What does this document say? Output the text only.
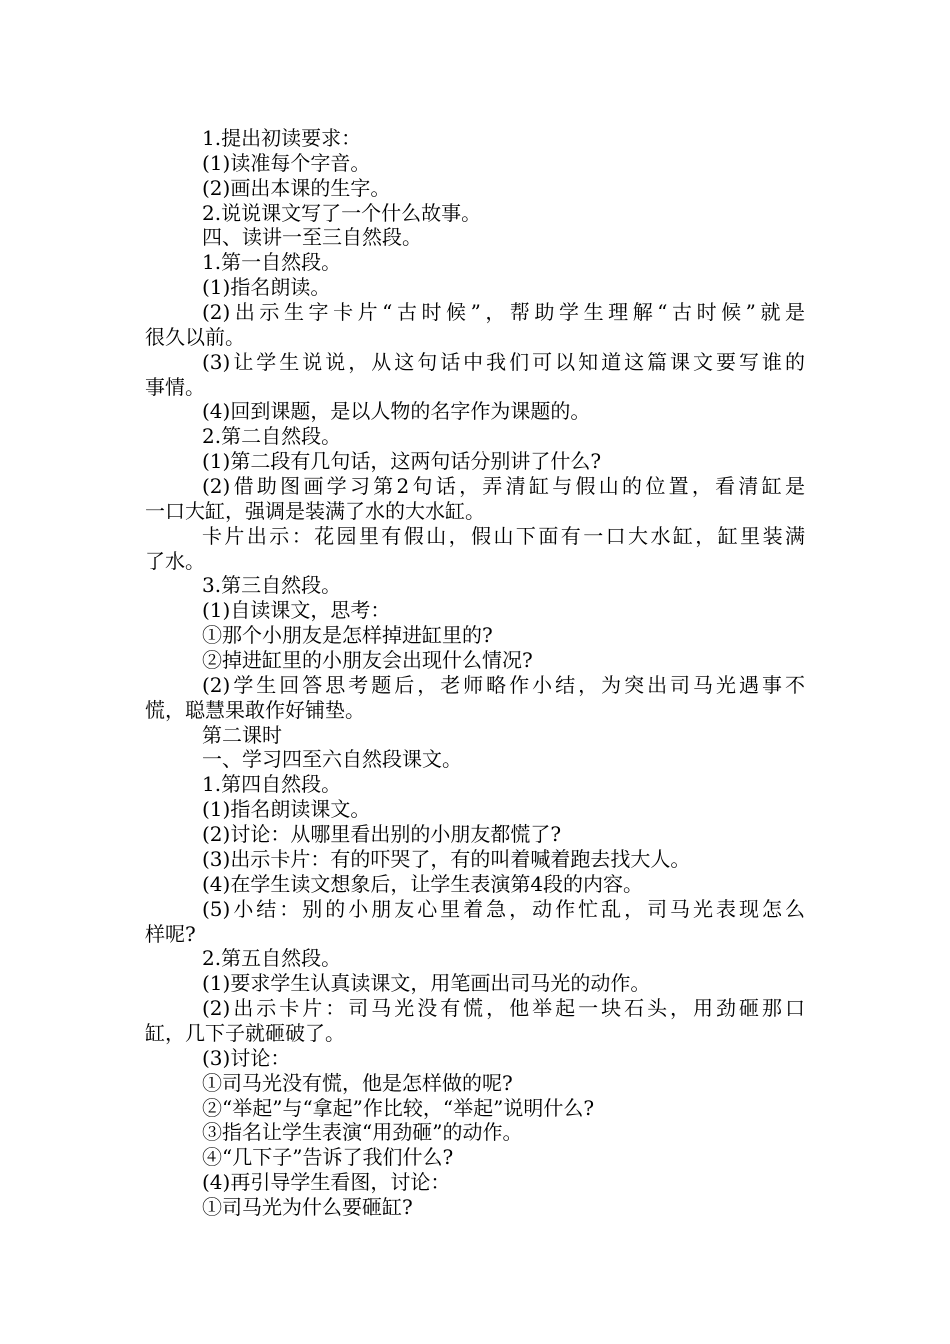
1.提出初读要求：
(1)读准每个字音。
(2)画出本课的生字。
2.说说课文写了一个什么故事。
四、读讲一至三自然段。
1.第一自然段。
(1)指名朗读。
(2)出示生字卡片“古时候”，帮助学生理解“古时候”就是
很久以前。
(3)让学生说说，从这句话中我们可以知道这篇课文要写谁的
事情。
(4)回到课题，是以人物的名字作为课题的。
2.第二自然段。
(1)第二段有几句话，这两句话分别讲了什么?
(2)借助图画学习第2句话，弄清缸与假山的位置，看清缸是
一口大缸，强调是装满了水的大水缸。
卡片出示：花园里有假山，假山下面有一口大水缸，缸里装满
了水。
3.第三自然段。
(1)自读课文，思考：
①那个小朋友是怎样掉进缸里的?
②掉进缸里的小朋友会出现什么情况?
(2)学生回答思考题后，老师略作小结，为突出司马光遇事不
慌，聪慧果敢作好铺垫。
第二课时
一、学习四至六自然段课文。
1.第四自然段。
(1)指名朗读课文。
(2)讨论：从哪里看出别的小朋友都慌了?
(3)出示卡片：有的吓哭了，有的叫着喊着跑去找大人。
(4)在学生读文想象后，让学生表演第4段的内容。
(5)小结：别的小朋友心里着急，动作忙乱，司马光表现怎么
样呢?
2.第五自然段。
(1)要求学生认真读课文，用笔画出司马光的动作。
(2)出示卡片：司马光没有慌，他举起一块石头，用劲砸那口
缸，几下子就砸破了。
(3)讨论：
①司马光没有慌，他是怎样做的呢?
②“举起”与“拿起”作比较，“举起”说明什么?
③指名让学生表演“用劲砸”的动作。
④“几下子”告诉了我们什么?
(4)再引导学生看图，讨论：
①司马光为什么要砸缸?
